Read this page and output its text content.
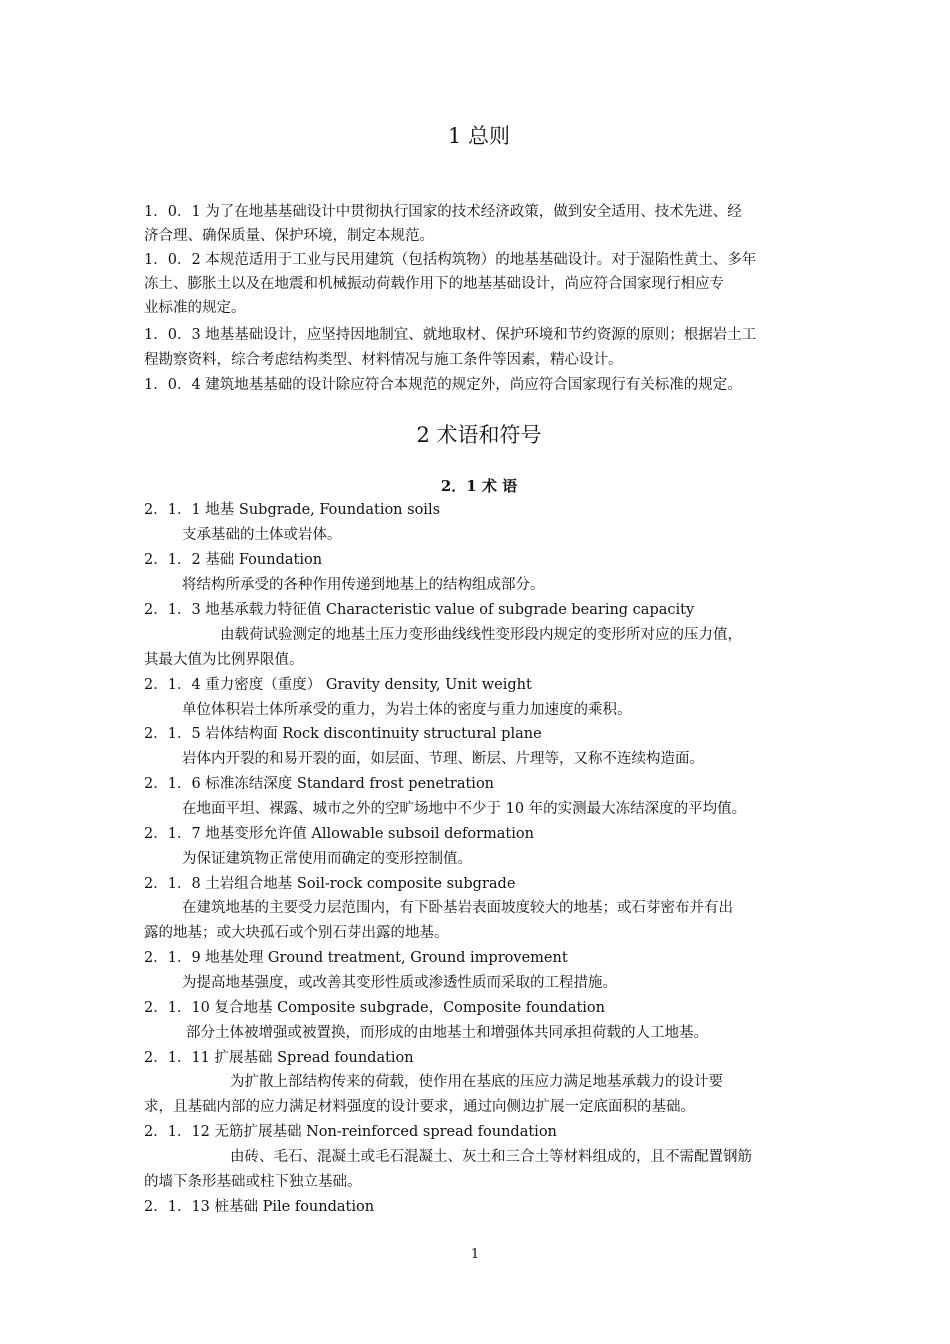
1 总则
1．0．1 为了在地基基础设计中贯彻执行国家的技术经济政策，做到安全适用、技术先进、经
济合理、确保质量、保护环境，制定本规范。
1．0．2 本规范适用于工业与民用建筑（包括构筑物）的地基基础设计。对于湿陷性黄土、多年
冻土、膨胀土以及在地震和机械振动荷载作用下的地基基础设计，尚应符合国家现行相应专
业标准的规定。
1．0．3 地基基础设计，应坚持因地制宜、就地取材、保护环境和节约资源的原则；根据岩土工
程勘察资料，综合考虑结构类型、材料情况与施工条件等因素，精心设计。
1．0．4 建筑地基基础的设计除应符合本规范的规定外，尚应符合国家现行有关标准的规定。
2 术语和符号
2．1 术 语
2．1．1 地基 Subgrade, Foundation soils
支承基础的土体或岩体。
2．1．2 基础 Foundation
将结构所承受的各种作用传递到地基上的结构组成部分。
2．1．3 地基承载力特征值 Characteristic value of subgrade bearing capacity
由载荷试验测定的地基土压力变形曲线线性变形段内规定的变形所对应的压力值，
其最大值为比例界限值。
2．1．4 重力密度（重度） Gravity density, Unit weight
单位体积岩土体所承受的重力，为岩土体的密度与重力加速度的乘积。
2．1．5 岩体结构面 Rock discontinuity structural plane
岩体内开裂的和易开裂的面，如层面、节理、断层、片理等，又称不连续构造面。
2．1．6 标准冻结深度 Standard frost penetration
在地面平坦、裸露、城市之外的空旷场地中不少于 10 年的实测最大冻结深度的平均值。
2．1．7 地基变形允许值 Allowable subsoil deformation
为保证建筑物正常使用而确定的变形控制值。
2．1．8 土岩组合地基 Soil-rock composite subgrade
在建筑地基的主要受力层范围内，有下卧基岩表面坡度较大的地基；或石芽密布并有出
露的地基；或大块孤石或个别石芽出露的地基。
2．1．9 地基处理 Ground treatment, Ground improvement
为提高地基强度，或改善其变形性质或渗透性质而采取的工程措施。
2．1．10 复合地基 Composite subgrade，Composite foundation
部分土体被增强或被置换，而形成的由地基土和增强体共同承担荷载的人工地基。
2．1．11 扩展基础 Spread foundation
为扩散上部结构传来的荷载，使作用在基底的压应力满足地基承载力的设计要
求，且基础内部的应力满足材料强度的设计要求，通过向侧边扩展一定底面积的基础。
2．1．12 无筋扩展基础 Non-reinforced spread foundation
由砖、毛石、混凝土或毛石混凝土、灰土和三合土等材料组成的，且不需配置钢筋
的墙下条形基础或柱下独立基础。
2．1．13 桩基础 Pile foundation
1
